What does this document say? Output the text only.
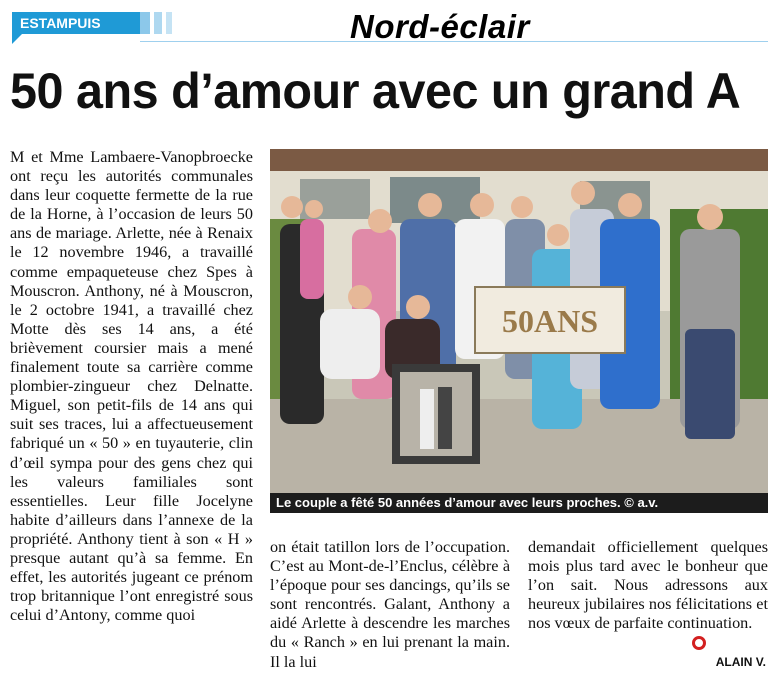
ESTAMPUIS	Nord-éclair
50 ans d’amour avec un grand A

M et Mme Lambaere-Vanopbroecke ont reçu les autorités communales dans leur coquette fermette de la rue de la Horne, à l’occasion de leurs 50 ans de mariage. Arlette, née à Renaix le 12 novembre 1946, a travaillé comme empaqueteuse chez Spes à Mouscron. Anthony, né à Mouscron, le 2 octobre 1941, a travaillé chez Motte dès ses 14 ans, a été brièvement coursier mais a mené finalement toute sa carrière comme plombier-zingueur chez Delnatte. Miguel, son petit-fils de 14 ans qui suit ses traces, lui a affectueusement fabriqué un « 50 » en tuyauterie, clin d’œil sympa pour des gens chez qui les valeurs familiales sont essentielles. Leur fille Jocelyne habite d’ailleurs dans l’annexe de la propriété. Anthony tient à son « H » presque autant qu’à sa femme. En effet, les autorités jugeant ce prénom trop britannique l’ont enregistré sous celui d’Antony, comme quoi

50ANS
Le couple a fêté 50 années d’amour avec leurs proches. © a.v.

on était tatillon lors de l’occupation. C’est au Mont-de-l’Enclus, célèbre à l’époque pour ses dancings, qu’ils se sont rencontrés. Galant, Anthony a aidé Arlette à descendre les marches du « Ranch » en lui prenant la main. Il la lui

demandait officiellement quelques mois plus tard avec le bonheur que l’on sait. Nous adressons aux heureux jubilaires nos félicitations et nos vœux de parfaite continuation.

ALAIN V.
